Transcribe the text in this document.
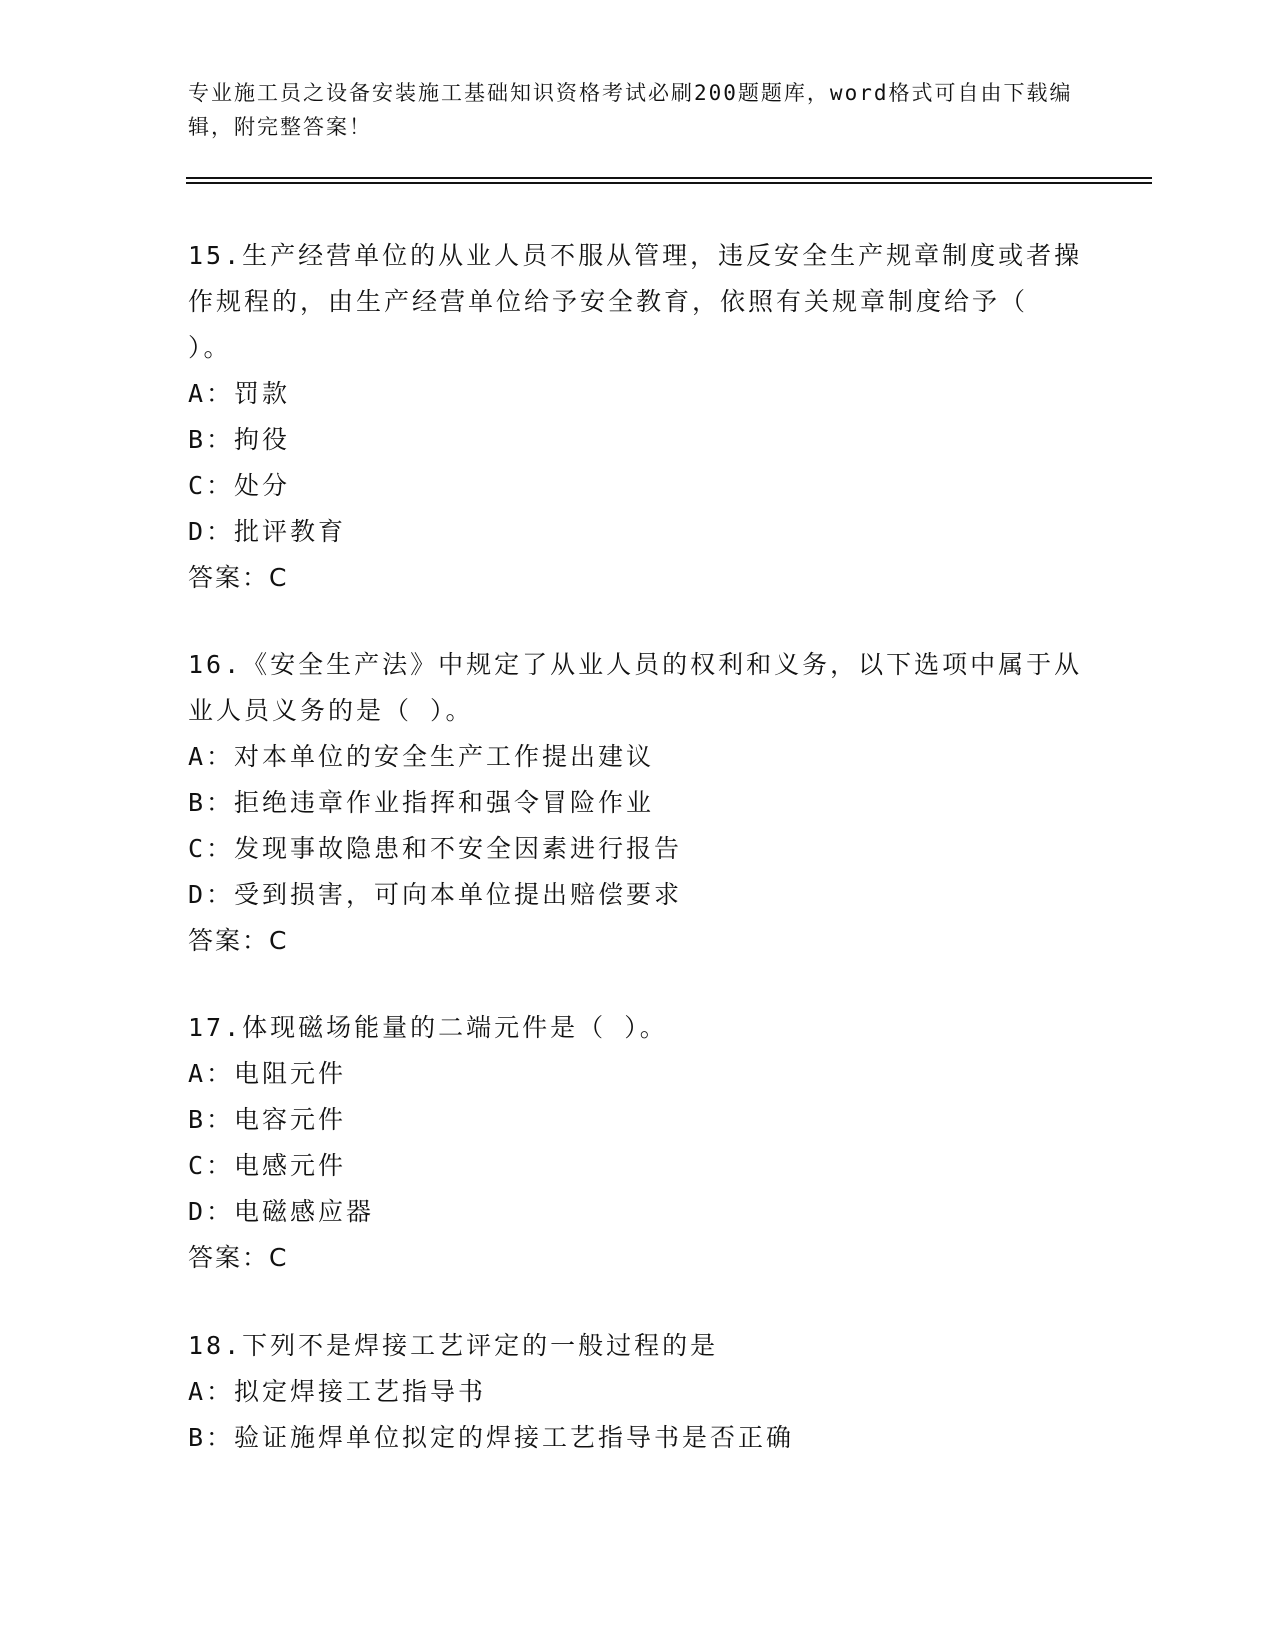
专业施工员之设备安装施工基础知识资格考试必刷200题题库，word格式可自由下载编辑，附完整答案！

15.生产经营单位的从业人员不服从管理，违反安全生产规章制度或者操作规程的，由生产经营单位给予安全教育，依照有关规章制度给予（ ）。

A：罚款

B：拘役

C：处分

D：批评教育

答案：C

16.《安全生产法》中规定了从业人员的权利和义务，以下选项中属于从业人员义务的是（ ）。

A：对本单位的安全生产工作提出建议

B：拒绝违章作业指挥和强令冒险作业

C：发现事故隐患和不安全因素进行报告

D：受到损害，可向本单位提出赔偿要求

答案：C

17.体现磁场能量的二端元件是（ ）。

A：电阻元件

B：电容元件

C：电感元件

D：电磁感应器

答案：C

18.下列不是焊接工艺评定的一般过程的是

A：拟定焊接工艺指导书

B：验证施焊单位拟定的焊接工艺指导书是否正确
